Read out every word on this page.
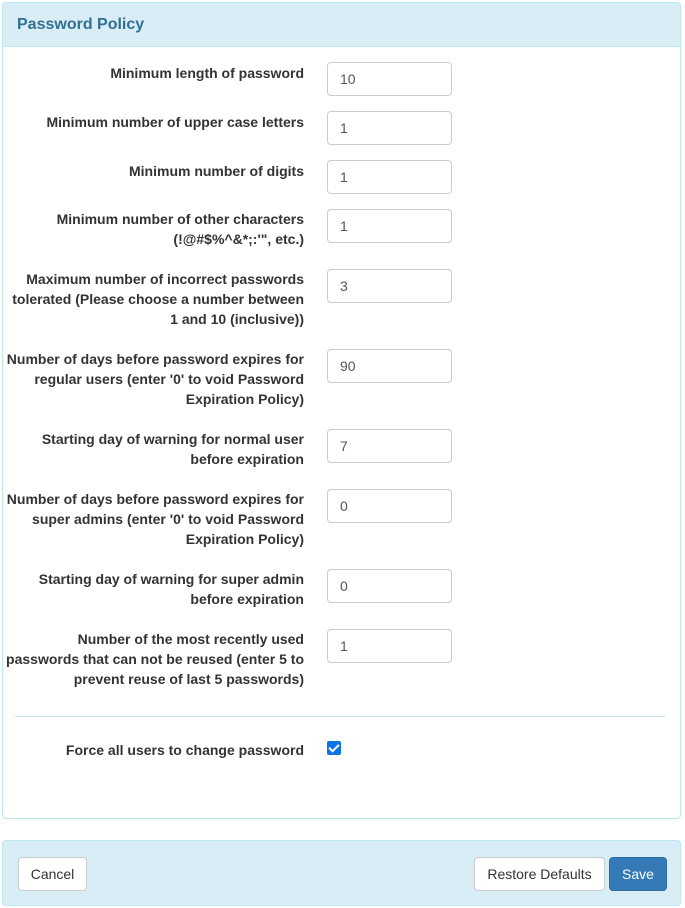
Password Policy

Minimum length of password

10

Minimum number of upper case letters

1

Minimum number of digits

1

Minimum number of other characters (!@#$%^&*;:'", etc.)

1

Maximum number of incorrect passwords tolerated (Please choose a number between 1 and 10 (inclusive))

3

Number of days before password expires for regular users (enter '0' to void Password Expiration Policy)

90

Starting day of warning for normal user before expiration

7

Number of days before password expires for super admins (enter '0' to void Password Expiration Policy)

0

Starting day of warning for super admin before expiration

0

Number of the most recently used passwords that can not be reused (enter 5 to prevent reuse of last 5 passwords)

1

Force all users to change password

Cancel	Restore Defaults	Save
